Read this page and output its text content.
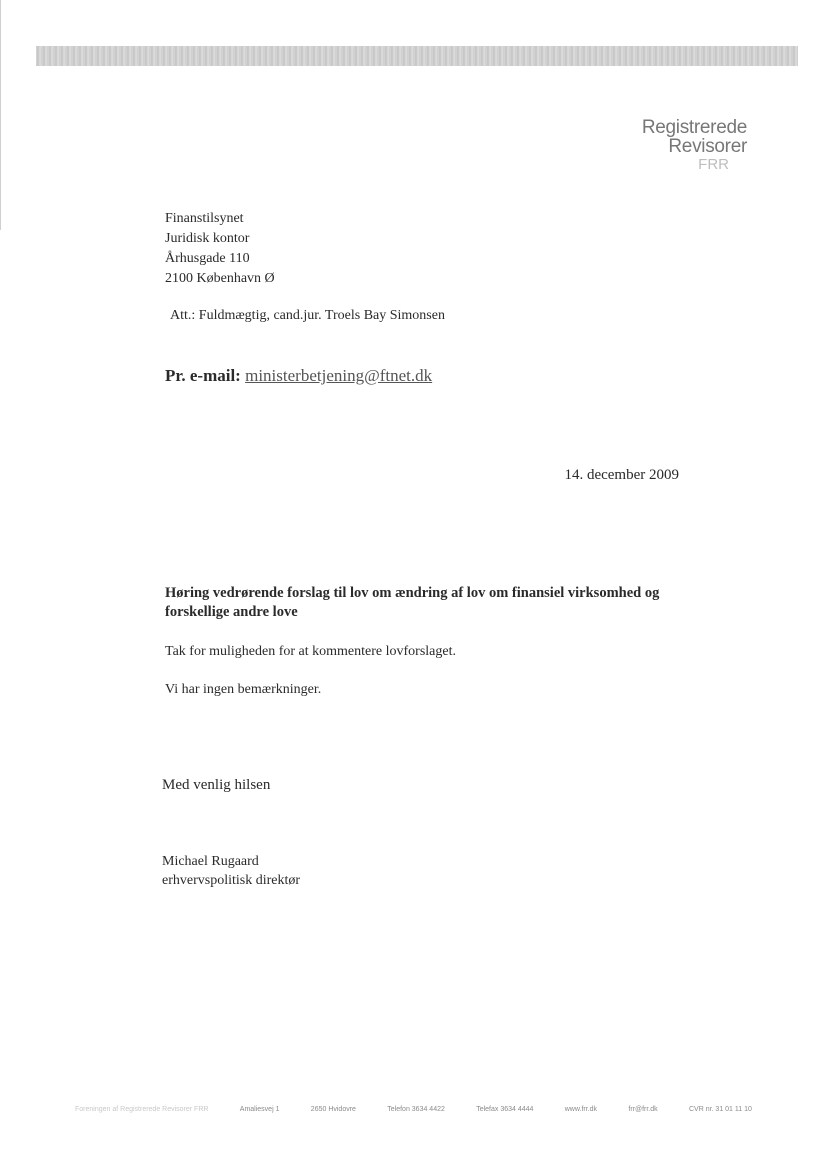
Registrerede
Revisorer
FRR
Finanstilsynet
Juridisk kontor
Århusgade 110
2100 København Ø
Att.: Fuldmægtig, cand.jur. Troels Bay Simonsen
Pr. e-mail: ministerbetjening@ftnet.dk
14. december 2009
Høring vedrørende forslag til lov om ændring af lov om finansiel virksomhed og forskellige andre love
Tak for muligheden for at kommentere lovforslaget.
Vi har ingen bemærkninger.
Med venlig hilsen
Michael Rugaard
erhvervspolitisk direktør
Foreningen af Registrerede Revisorer FRR	Amaliesvej 1	2650 Hvidovre	Telefon 3634 4422	Telefax 3634 4444	www.frr.dk	frr@frr.dk	CVR nr. 31 01 11 10
